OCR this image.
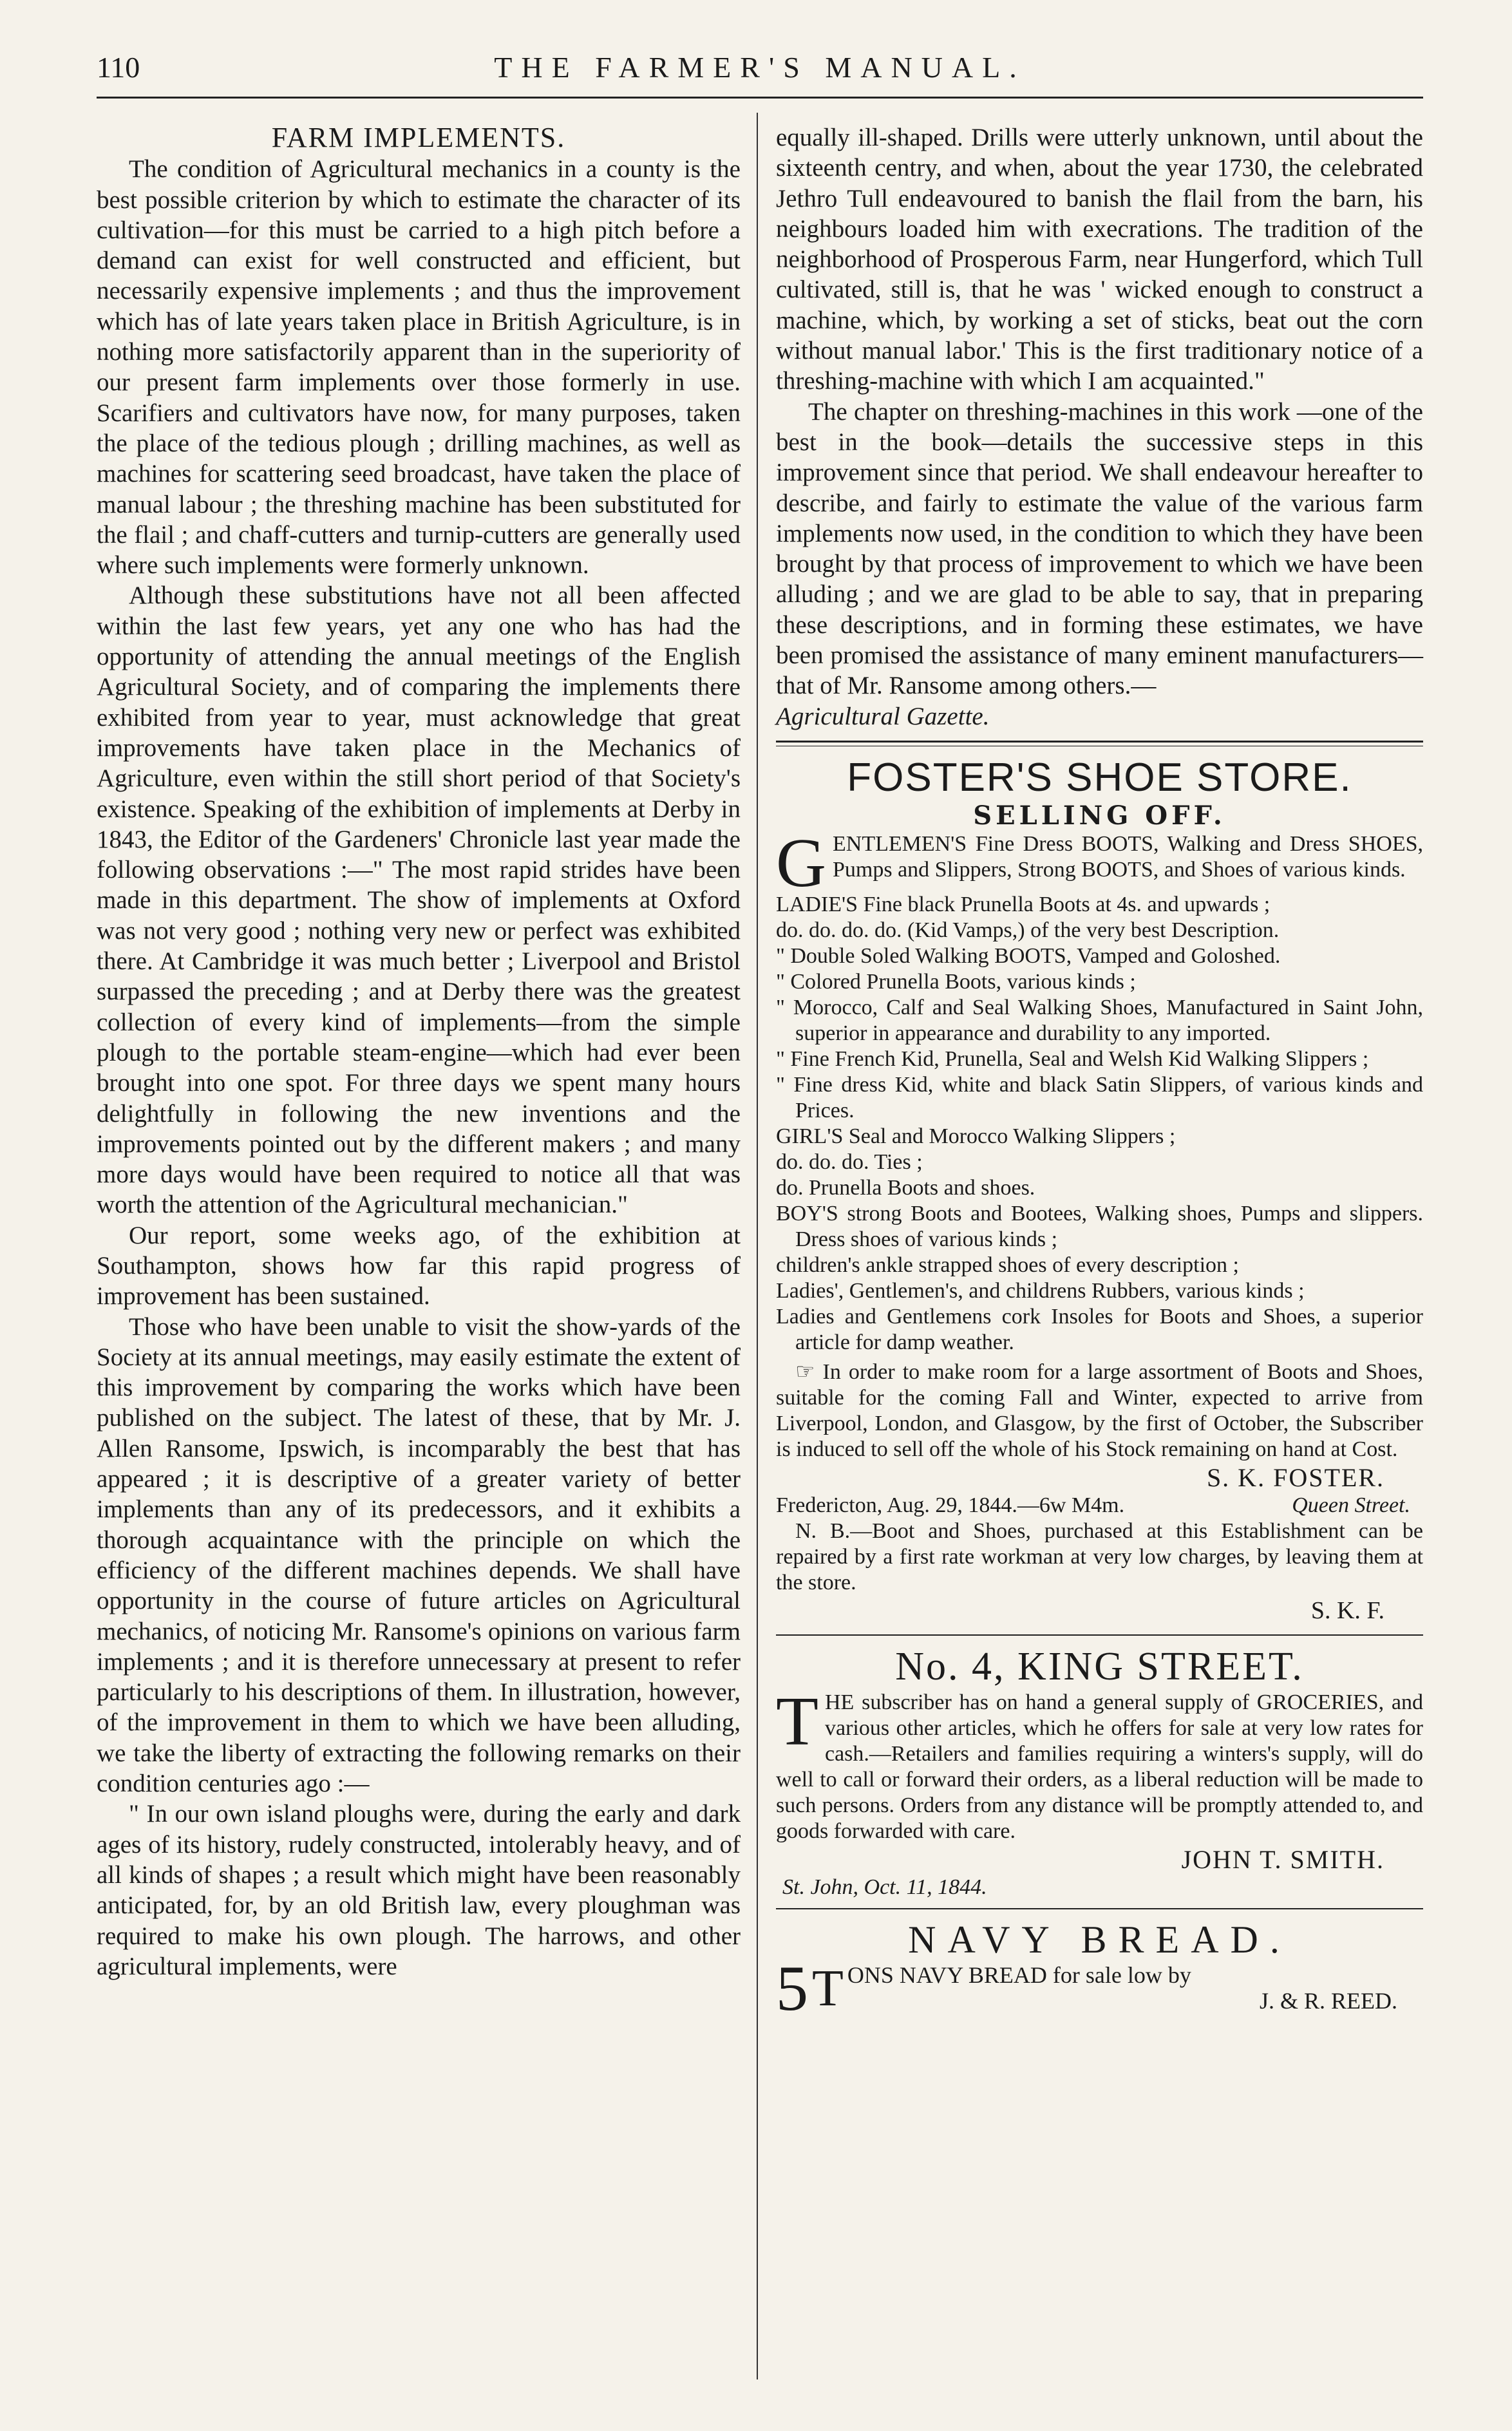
110	THE FARMER'S MANUAL.
FARM IMPLEMENTS.

The condition of Agricultural mechanics in a county is the best possible criterion by which to estimate the character of its cultivation—for this must be carried to a high pitch before a demand can exist for well constructed and efficient, but necessarily expensive implements ; and thus the improvement which has of late years taken place in British Agriculture, is in nothing more satisfactorily apparent than in the superiority of our present farm implements over those formerly in use. Scarifiers and cultivators have now, for many purposes, taken the place of the tedious plough ; drilling machines, as well as machines for scattering seed broadcast, have taken the place of manual labour ; the threshing machine has been substituted for the flail ; and chaff-cutters and turnip-cutters are generally used where such implements were formerly unknown.

Although these substitutions have not all been affected within the last few years, yet any one who has had the opportunity of attending the annual meetings of the English Agricultural Society, and of comparing the implements there exhibited from year to year, must acknowledge that great improvements have taken place in the Mechanics of Agriculture, even within the still short period of that Society's existence. Speaking of the exhibition of implements at Derby in 1843, the Editor of the Gardeners' Chronicle last year made the following observations :—" The most rapid strides have been made in this department. The show of implements at Oxford was not very good ; nothing very new or perfect was exhibited there. At Cambridge it was much better ; Liverpool and Bristol surpassed the preceding ; and at Derby there was the greatest collection of every kind of implements—from the simple plough to the portable steam-engine—which had ever been brought into one spot. For three days we spent many hours delightfully in following the new inventions and the improvements pointed out by the different makers ; and many more days would have been required to notice all that was worth the attention of the Agricultural mechanician."

Our report, some weeks ago, of the exhibition at Southampton, shows how far this rapid progress of improvement has been sustained.

Those who have been unable to visit the show-yards of the Society at its annual meetings, may easily estimate the extent of this improvement by comparing the works which have been published on the subject. The latest of these, that by Mr. J. Allen Ransome, Ipswich, is incomparably the best that has appeared ; it is descriptive of a greater variety of better implements than any of its predecessors, and it exhibits a thorough acquaintance with the principle on which the efficiency of the different machines depends. We shall have opportunity in the course of future articles on Agricultural mechanics, of noticing Mr. Ransome's opinions on various farm implements ; and it is therefore unnecessary at present to refer particularly to his descriptions of them. In illustration, however, of the improvement in them to which we have been alluding, we take the liberty of extracting the following remarks on their condition centuries ago :—

" In our own island ploughs were, during the early and dark ages of its history, rudely constructed, intolerably heavy, and of all kinds of shapes ; a result which might have been reasonably anticipated, for, by an old British law, every ploughman was required to make his own plough. The harrows, and other agricultural implements, were

equally ill-shaped. Drills were utterly unknown, until about the sixteenth centry, and when, about the year 1730, the celebrated Jethro Tull endeavoured to banish the flail from the barn, his neighbours loaded him with execrations. The tradition of the neighborhood of Prosperous Farm, near Hungerford, which Tull cultivated, still is, that he was ' wicked enough to construct a machine, which, by working a set of sticks, beat out the corn without manual labor.' This is the first traditionary notice of a threshing-machine with which I am acquainted."

The chapter on threshing-machines in this work —one of the best in the book—details the successive steps in this improvement since that period. We shall endeavour hereafter to describe, and fairly to estimate the value of the various farm implements now used, in the condition to which they have been brought by that process of improvement to which we have been alluding ; and we are glad to be able to say, that in preparing these descriptions, and in forming these estimates, we have been promised the assistance of many eminent manufacturers—that of Mr. Ransome among others.—

Agricultural Gazette.
FOSTER'S SHOE STORE.
SELLING OFF.

GENTLEMEN'S Fine Dress BOOTS, Walking and Dress SHOES, Pumps and Slippers, Strong BOOTS, and Shoes of various kinds.

LADIE'S Fine black Prunella Boots at 4s. and upwards ;

do. do. do. do. (Kid Vamps,) of the very best Description.

" Double Soled Walking BOOTS, Vamped and Goloshed.

" Colored Prunella Boots, various kinds ;

" Morocco, Calf and Seal Walking Shoes, Manufactured in Saint John, superior in appearance and durability to any imported.

" Fine French Kid, Prunella, Seal and Welsh Kid Walking Slippers ;

" Fine dress Kid, white and black Satin Slippers, of various kinds and Prices.

GIRL'S Seal and Morocco Walking Slippers ;

do. do. do. Ties ;

do. Prunella Boots and shoes.

BOY'S strong Boots and Bootees, Walking shoes, Pumps and slippers. Dress shoes of various kinds ;

children's ankle strapped shoes of every description ;

Ladies', Gentlemen's, and childrens Rubbers, various kinds ;

Ladies and Gentlemens cork Insoles for Boots and Shoes, a superior article for damp weather.

☞ In order to make room for a large assortment of Boots and Shoes, suitable for the coming Fall and Winter, expected to arrive from Liverpool, London, and Glasgow, by the first of October, the Subscriber is induced to sell off the whole of his Stock remaining on hand at Cost.

S. K. FOSTER.
Fredericton, Aug. 29, 1844.—6w M4m.	Queen Street.

N. B.—Boot and Shoes, purchased at this Establishment can be repaired by a first rate workman at very low charges, by leaving them at the store.

S. K. F.
No. 4, KING STREET.

THE subscriber has on hand a general supply of GROCERIES, and various other articles, which he offers for sale at very low rates for cash.—Retailers and families requiring a winters's supply, will do well to call or forward their orders, as a liberal reduction will be made to such persons. Orders from any distance will be promptly attended to, and goods forwarded with care.

JOHN T. SMITH.
St. John, Oct. 11, 1844.
NAVY BREAD.
5 T ONS NAVY BREAD for sale low by
J. & R. REED.
